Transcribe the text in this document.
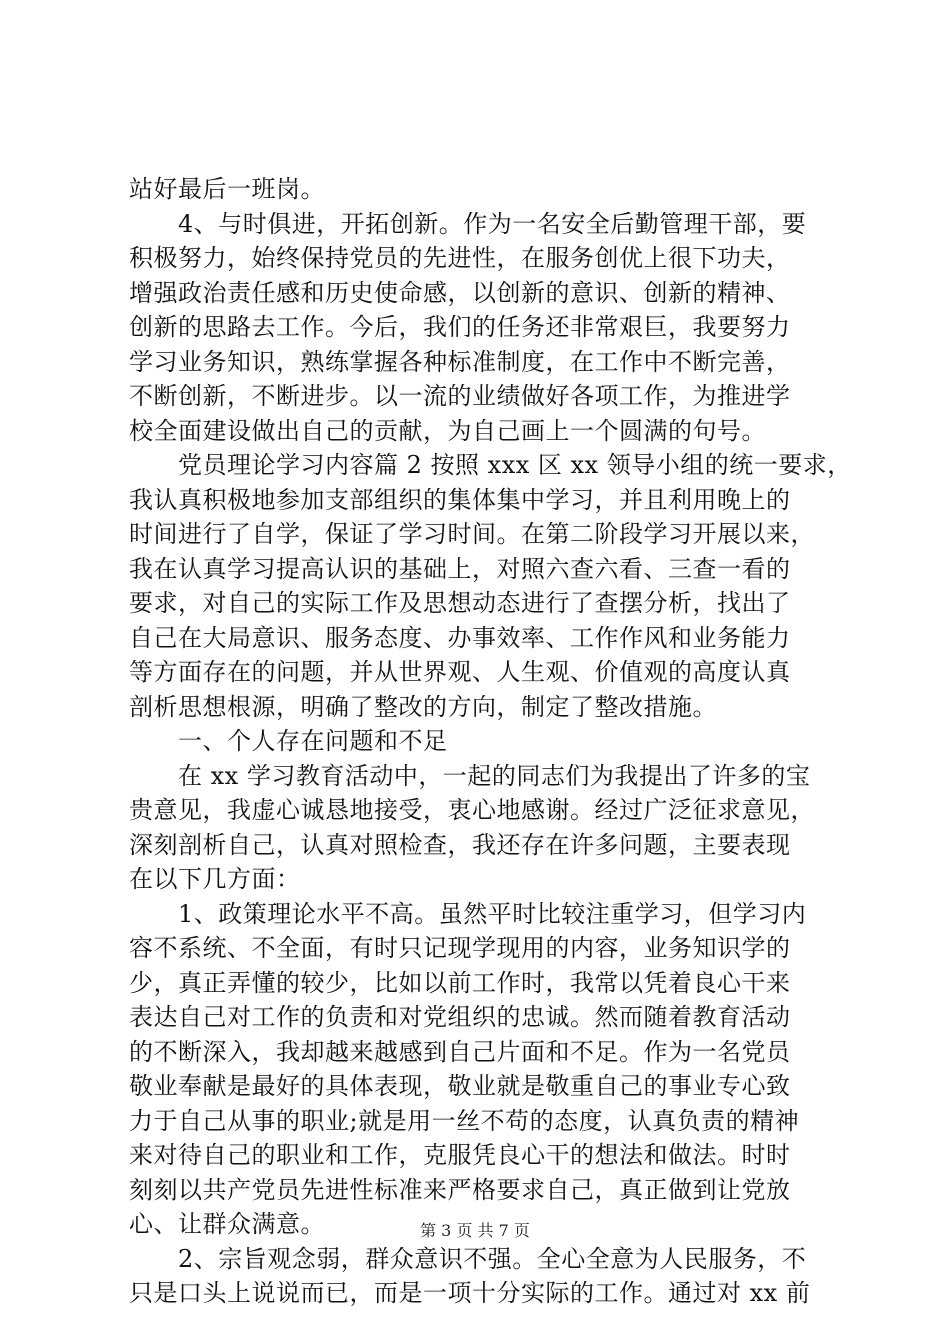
站好最后一班岗。
　　4、与时俱进，开拓创新。作为一名安全后勤管理干部，要
积极努力，始终保持党员的先进性，在服务创优上很下功夫，
增强政治责任感和历史使命感，以创新的意识、创新的精神、
创新的思路去工作。今后，我们的任务还非常艰巨，我要努力
学习业务知识，熟练掌握各种标准制度，在工作中不断完善，
不断创新，不断进步。以一流的业绩做好各项工作，为推进学
校全面建设做出自己的贡献，为自己画上一个圆满的句号。
　　党员理论学习内容篇 2 按照 xxx 区 xx 领导小组的统一要求，
我认真积极地参加支部组织的集体集中学习，并且利用晚上的
时间进行了自学，保证了学习时间。在第二阶段学习开展以来，
我在认真学习提高认识的基础上，对照六查六看、三查一看的
要求，对自己的实际工作及思想动态进行了查摆分析，找出了
自己在大局意识、服务态度、办事效率、工作作风和业务能力
等方面存在的问题，并从世界观、人生观、价值观的高度认真
剖析思想根源，明确了整改的方向，制定了整改措施。
　　一、个人存在问题和不足
　　在 xx 学习教育活动中，一起的同志们为我提出了许多的宝
贵意见，我虚心诚恳地接受，衷心地感谢。经过广泛征求意见，
深刻剖析自己，认真对照检查，我还存在许多问题，主要表现
在以下几方面：
　　1、政策理论水平不高。虽然平时比较注重学习，但学习内
容不系统、不全面，有时只记现学现用的内容，业务知识学的
少，真正弄懂的较少，比如以前工作时，我常以凭着良心干来
表达自己对工作的负责和对党组织的忠诚。然而随着教育活动
的不断深入，我却越来越感到自己片面和不足。作为一名党员
敬业奉献是最好的具体表现，敬业就是敬重自己的事业专心致
力于自己从事的职业;就是用一丝不苟的态度，认真负责的精神
来对待自己的职业和工作，克服凭良心干的想法和做法。时时
刻刻以共产党员先进性标准来严格要求自己，真正做到让党放
心、让群众满意。
　　2、宗旨观念弱，群众意识不强。全心全意为人民服务，不
只是口头上说说而已，而是一项十分实际的工作。通过对 xx 前
第 3 页 共 7 页
